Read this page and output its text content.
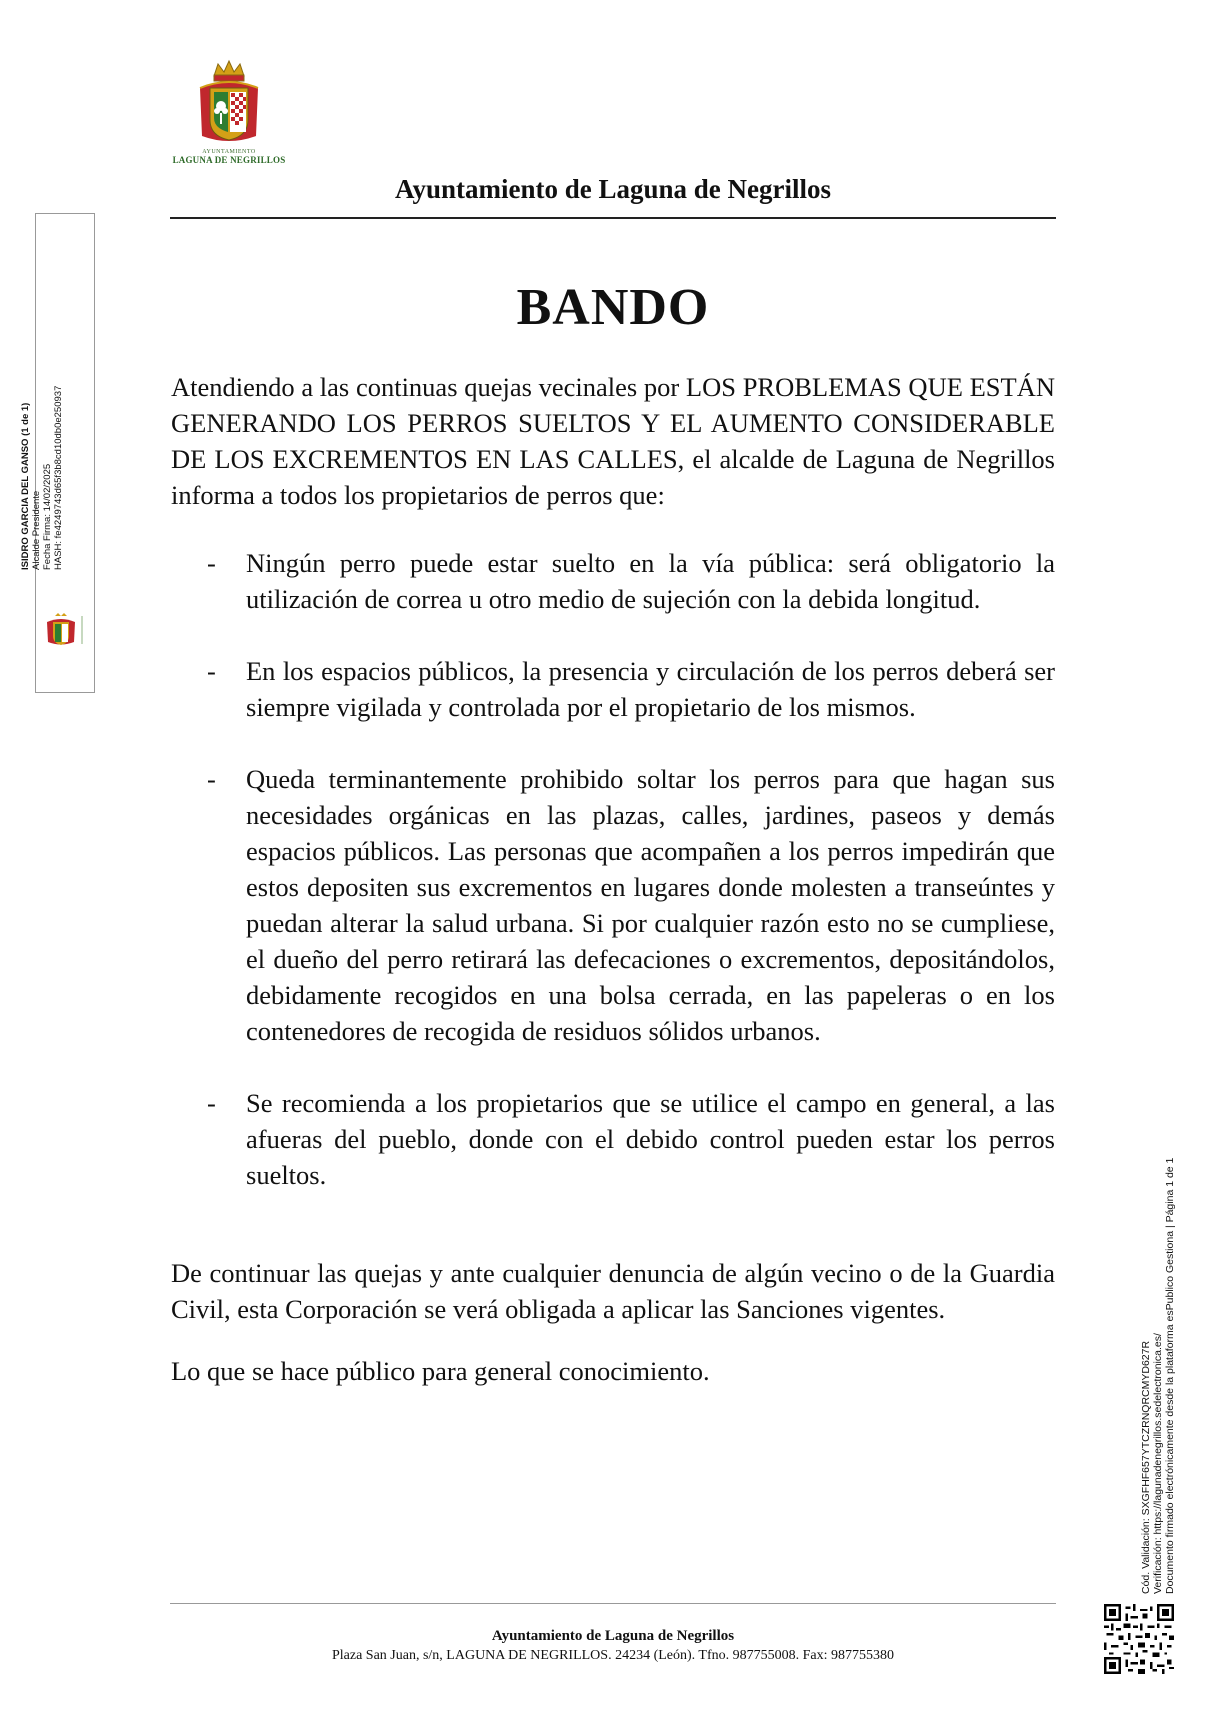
AYUNTAMIENTO
LAGUNA DE NEGRILLOS
Ayuntamiento de Laguna de Negrillos
BANDO

Atendiendo a las continuas quejas vecinales por LOS PROBLEMAS QUE ESTÁN GENERANDO LOS PERROS SUELTOS Y EL AUMENTO CONSIDERABLE DE LOS EXCREMENTOS EN LAS CALLES, el alcalde de Laguna de Negrillos informa a todos los propietarios de perros que:

- Ningún perro puede estar suelto en la vía pública: será obligatorio la utilización de correa u otro medio de sujeción con la debida longitud.
- En los espacios públicos, la presencia y circulación de los perros deberá ser siempre vigilada y controlada por el propietario de los mismos.
- Queda terminantemente prohibido soltar los perros para que hagan sus necesidades orgánicas en las plazas, calles, jardines, paseos y demás espacios públicos. Las personas que acompañen a los perros impedirán que estos depositen sus excrementos en lugares donde molesten a transeúntes y puedan alterar la salud urbana. Si por cualquier razón esto no se cumpliese, el dueño del perro retirará las defecaciones o excrementos, depositándolos, debidamente recogidos en una bolsa cerrada, en las papeleras o en los contenedores de recogida de residuos sólidos urbanos.
- Se recomienda a los propietarios que se utilice el campo en general, a las afueras del pueblo, donde con el debido control pueden estar los perros sueltos.

De continuar las quejas y ante cualquier denuncia de algún vecino o de la Guardia Civil, esta Corporación se verá obligada a aplicar las Sanciones vigentes.

Lo que se hace público para general conocimiento.

Ayuntamiento de Laguna de Negrillos
Plaza San Juan, s/n, LAGUNA DE NEGRILLOS. 24234 (León). Tfno. 987755008. Fax: 987755380
ISIDRO GARCIA DEL GANSO (1 de 1) Alcalde Presidente Fecha Firma: 14/02/2025 HASH: fe4249743d65f3b8cd10db0e250937
Cód. Validación: SXGFHF657YTCZRNQRCMYD627R Verificación: https://lagunadenegrillos.sedelectronica.es/ Documento firmado electrónicamente desde la plataforma esPublico Gestiona | Página 1 de 1
